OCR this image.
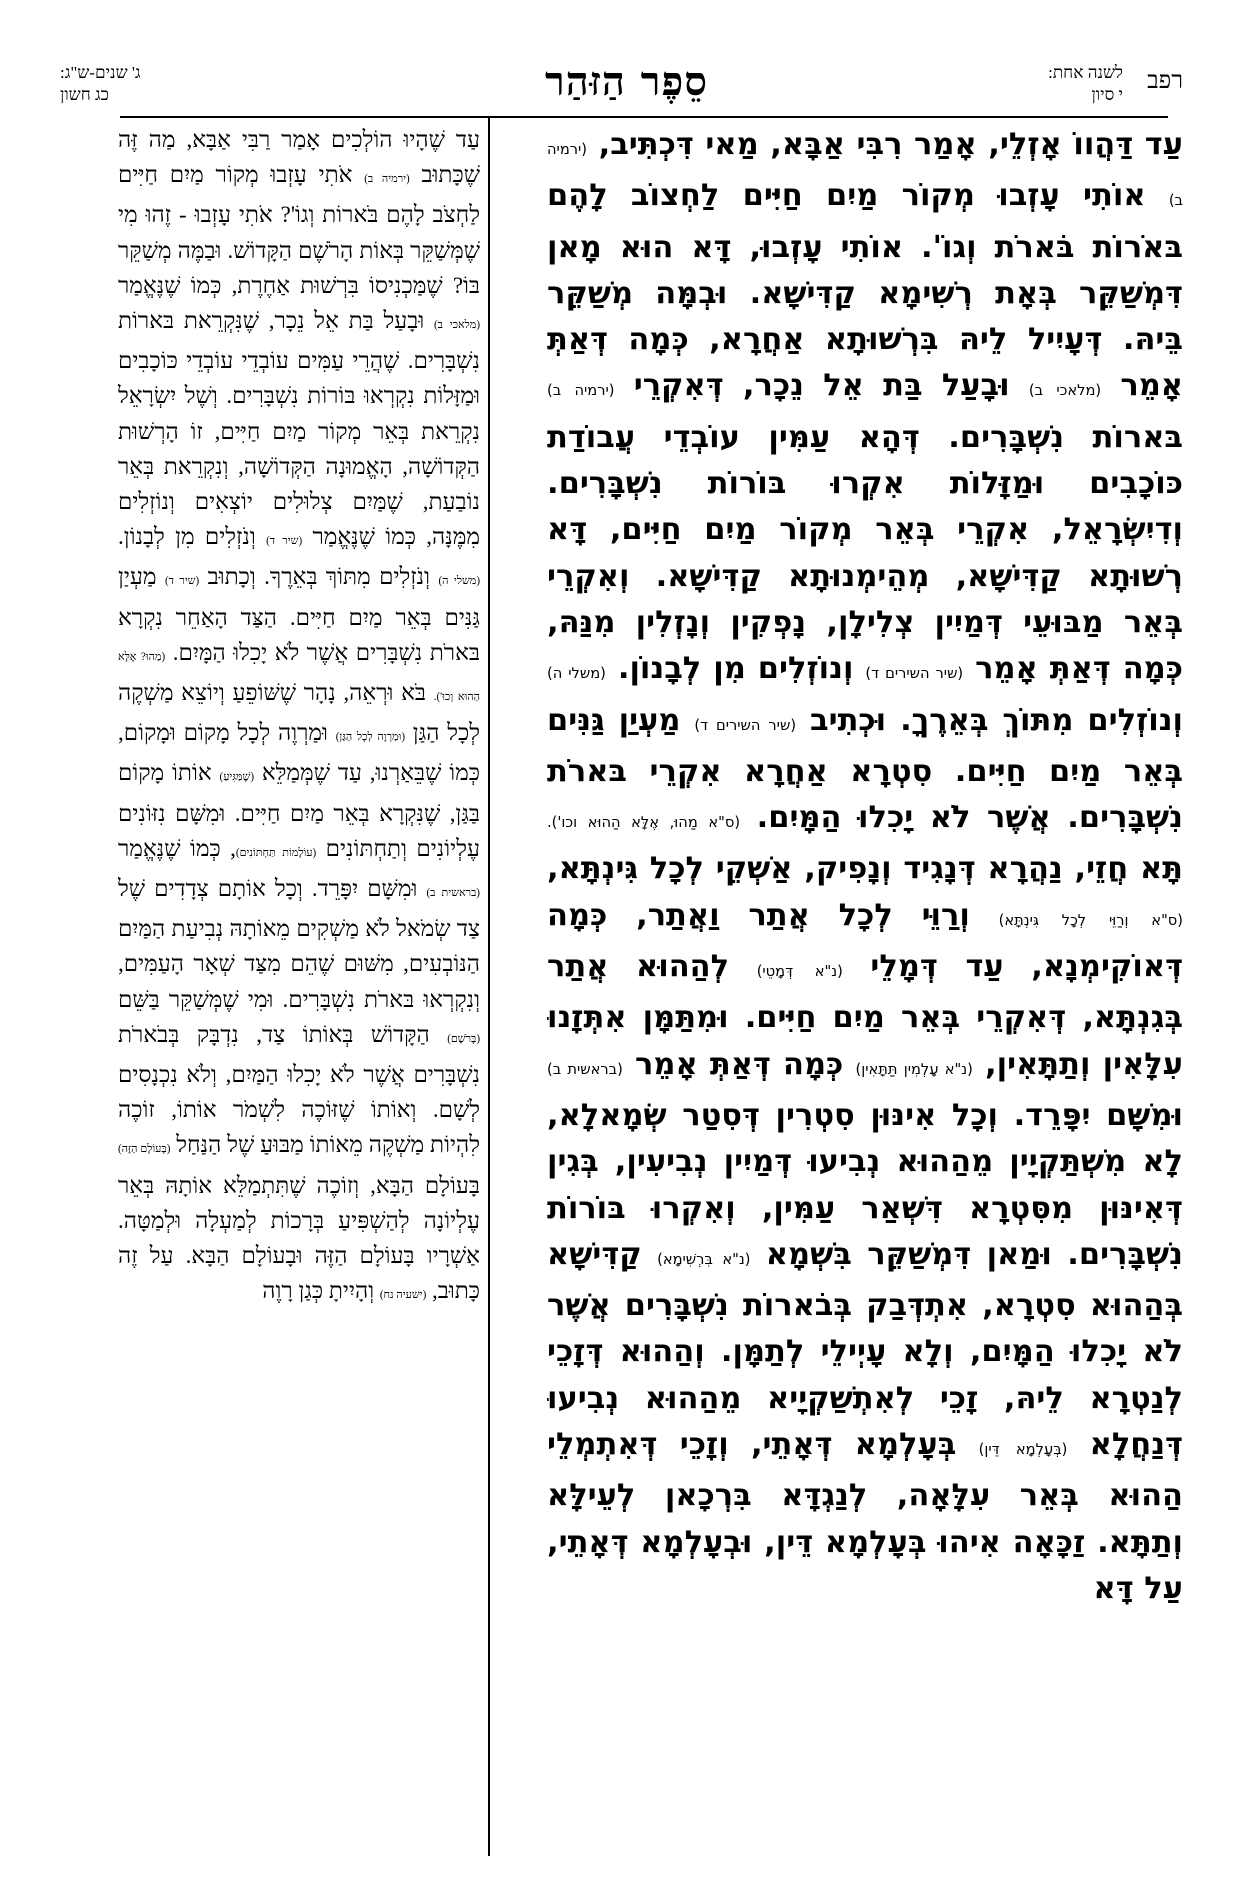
רפב
לשנה אחת:
י סיון
סֵפֶר הַזּהַר
ג' שנים-ש"ג:
כג חשון

עַד דַּהֲווֹ אָזְלֵי, אָמַר רִבִּי אַבָּא, מַאי דִּכְתִּיב, (ירמיה ב) אוֹתִי עָזְבוּ מְקוֹר מַיִם חַיִּים לַחְצוֹב לָהֶם בּאֹרוֹת בֹּארֹת וְגוֹ'. אוֹתִי עָזְבוּ, דָּא הוּא מָאן דִּמְשַׁקֵּר בְּאָת רְשִׁימָא קַדִּישָׁא. וּבְמָּה מְשַׁקֵּר בֵּיהּ. דְּעָיִיל לֵיהּ בִּרְשׁוּתָא אַחֲרָא, כְּמָה דְּאַתְּ אָמֵר (מלאכי ב) וּבָעַל בַּת אֵל נֵכָר, דְּאִקְרֵי (ירמיה ב) בּארוֹת נִשְׁבָּרִים. דְּהָא עַמִּין עוֹבְדֵי עֲבוֹדַת כּוֹכָבִים וּמַזָּלוֹת אִקְרוּ בּוֹרוֹת נִשְׁבָּרִים. וְדִיִשְׂרָאֵל, אִקְרֵי בְּאֵר מְקוֹר מַיִם חַיִּים, דָּא רְשׁוּתָא קַדִּישָׁא, מְהֵימְנוּתָא קַדִּישָׁא. וְאִקְרֵי בְּאֵר מַבּוּעֵי דְּמַיִין צְלִילָן, נָפְקִין וְנָזְלִין מִנַּהּ, כְּמָה דְּאַתְּ אָמֵר (שיר השירים ד) וְנוֹזְלִים מִן לְבָנוֹן. (משלי ה) וְנוֹזְלִים מִתּוֹךְ בְּאֵרֶךָ. וּכְתִיב (שיר השירים ד) מַעְיַן גַּנִּים בְּאֵר מַיִם חַיִּים. סִטְרָא אַחֲרָא אִקְרֵי בּארֹת נִשְׁבָּרִים. אֲשֶׁר לֹא יָכִלוּ הַמָּיִם. (ס"א מַהוּ, אֶלָּא הַהוּא וכו'). תָּא חֲזֵי, נַהֲרָא דְּנָגִיד וְנָפִיק, אַשְׁקֵי לְכָל גִּינְתָּא, (ס"א וְרַוֵּי לְכָל גִּינְתָּא) וְרַוֵּי לְכָל אֲתַר וַאֲתַר, כְּמָה דְּאוֹקִימְנָא, עַד דְּמָלֵי (נ"א דְּמָטֵי) לְהַהוּא אֲתַר בְּגִנְתָּא, דְּאִקְרֵי בְּאֵר מַיִם חַיִּים. וּמִתַּמָּן אִתְּזָנוּ עִלָּאִין וְתַתָּאִין, (נ"א עָלְמִין תַּתָּאִין) כְּמָה דְּאַתְּ אָמֵר (בראשית ב) וּמִשָּׁם יִפָּרֵד. וְכָל אִינּוּן סִטְרִין דְּסִטַר שְׂמָאלָא, לָא מִשְׁתַּקְיָין מֵהַהוּא נְבִיעוּ דְּמַיִין נְבִיעִין, בְּגִין דְּאִינּוּן מִסִּטְרָא דִּשְׁאַר עַמִּין, וְאִקְרוּ בּוֹרוֹת נִשְׁבָּרִים. וּמַאן דִּמְשַׁקֵּר בִּשְׁמָא (נ"א בִּרְשִׁימָא) קַדִּישָׁא בְּהַהוּא סִטְרָא, אִתְדְּבַק בְּבֹארוֹת נִשְׁבָּרִים אֲשֶׁר לֹא יָכִלוּ הַמָּיִם, וְלָא עָיְילֵי לְתַמָּן. וְהַהוּא דְּזָכֵי לְנַטְרָא לֵיהּ, זָכֵי לְאִתְשַׁקְיָיא מֵהַהוּא נְבִיעוּ דְּנַחֲלָא (בְּעָלְמָא דֵּין) בְּעָלְמָא דְּאָתֵי, וְזָכֵי דְּאִתְמְלֵי הַהוּא בְּאֵר עִלָּאָה, לְנַגְדָּא בִּרְכָאן לְעֵילָּא וְתַתָּא. זַכָּאָה אִיהוּ בְּעָלְמָא דֵּין, וּבְעָלְמָא דְּאָתֵי, עַל דָּא

עַד שֶׁהָיוּ הוֹלְכִים אָמַר רַבִּי אַבָּא, מַה זֶּה שֶׁכָּתוּב (ירמיה ב) אֹתִי עָזְבוּ מְקוֹר מַיִם חַיִּים לַחְצֹב לָהֶם בֹּארוֹת וְגוֹ'? אֹתִי עָזְבוּ - זֶהוּ מִי שֶׁמְּשַׁקֵּר בְּאוֹת הָרֹשֶׁם הַקָּדוֹשׁ. וּבַמֶּה מְשַׁקֵּר בּוֹ? שֶׁמַּכְנִיסוֹ בִּרְשׁוּת אַחֶרֶת, כְּמוֹ שֶׁנֶּאֱמַר (מלאכי ב) וּבָעַל בַּת אֵל נֵכָר, שֶׁנִּקְרֵאת בּארוֹת נִשְׁבָּרִים. שֶׁהֲרֵי עַמִּים עוֹבְדֵי עוֹבְדֵי כּוֹכָבִים וּמַזָּלוֹת נִקְרְאוּ בּוֹרוֹת נִשְׁבָּרִים. וְשֶׁל יִשְׂרָאֵל נִקְרֵאת בְּאֵר מְקוֹר מַיִם חַיִּים, זוֹ הָרְשׁוּת הַקְּדוֹשָׁה, הָאֱמוּנָה הַקְּדוֹשָׁה, וְנִקְרֵאת בְּאֵר נוֹבַעַת, שֶׁמַּיִם צְלוּלִים יוֹצְאִים וְנוֹזְלִים מִמֶּנָּה, כְּמוֹ שֶׁנֶּאֱמַר (שיר ד) וְנֹזְלִים מִן לְבָנוֹן. (משלי ה) וְנֹזְלִים מִתּוֹךְ בְּאֵרֶךָ. וְכָתוּב (שיר ד) מַעְיַן גַּנִּים בְּאֵר מַיִם חַיִּים. הַצַּד הָאַחֵר נִקְרָא בּארֹת נִשְׁבָּרִים אֲשֶׁר לֹא יָכִלוּ הַמָּיִם. (מַהוּ? אֶלָּא הַהוּא וְכוּ'). בֹּא וּרְאֵה, נָהָר שֶׁשּׁוֹפֵעַ וְיוֹצֵא מַשְׁקֶה לְכָל הַגַּן (וּמַרְוֶה לְכָל הַגַּן) וּמַרְוֶה לְכָל מָקוֹם וּמָקוֹם, כְּמוֹ שֶׁבֵּאַרְנוּ, עַד שֶׁמְּמַלֵּא (שֶׁמַּגִּיעַ) אוֹתוֹ מָקוֹם בַּגַּן, שֶׁנִּקְרָא בְּאֵר מַיִם חַיִּים. וּמִשָּׁם נִזּוֹנִים עֶלְיוֹנִים וְתַחְתּוֹנִים (עוֹלָמוֹת תַּחְתּוֹנִים), כְּמוֹ שֶׁנֶּאֱמַר (בראשית ב) וּמִשָּׁם יִפָּרֵד. וְכָל אוֹתָם צְדָדִים שֶׁל צַד שְׂמֹאל לֹא מַשְׁקִים מֵאוֹתָהּ נְבִיעַת הַמַּיִם הַנּוֹבְעִים, מִשּׁוּם שֶׁהֵם מִצַּד שְׁאָר הָעַמִּים, וְנִקְרְאוּ בּארֹת נִשְׁבָּרִים. וּמִי שֶׁמְּשַׁקֵּר בַּשֵּׁם (בָּרֹשֶׁם) הַקָּדוֹשׁ בְּאוֹתוֹ צַד, נִדְבָּק בְּבֹארֹת נִשְׁבָּרִים אֲשֶׁר לֹא יָכִלוּ הַמַּיִם, וְלֹא נִכְנָסִים לְשָׁם. וְאוֹתוֹ שֶׁזּוֹכֶה לִשְׁמֹר אוֹתוֹ, זוֹכֶה לִהְיוֹת מַשְׁקֶה מֵאוֹתוֹ מַבּוּעַ שֶׁל הַנַּחַל (בָּעוֹלָם הַזֶּה) בָּעוֹלָם הַבָּא, וְזוֹכֶה שֶׁתִּתְמַלֵּא אוֹתָהּ בְּאֵר עֶלְיוֹנָה לְהַשְׁפִּיעַ בְּרָכוֹת לְמַעְלָה וּלְמַטָּה. אַשְׁרָיו בָּעוֹלָם הַזֶּה וּבָעוֹלָם הַבָּא. עַל זֶה כָּתוּב, (ישעיה נח) וְהָיִיתָ כְּגַן רָוֶה
